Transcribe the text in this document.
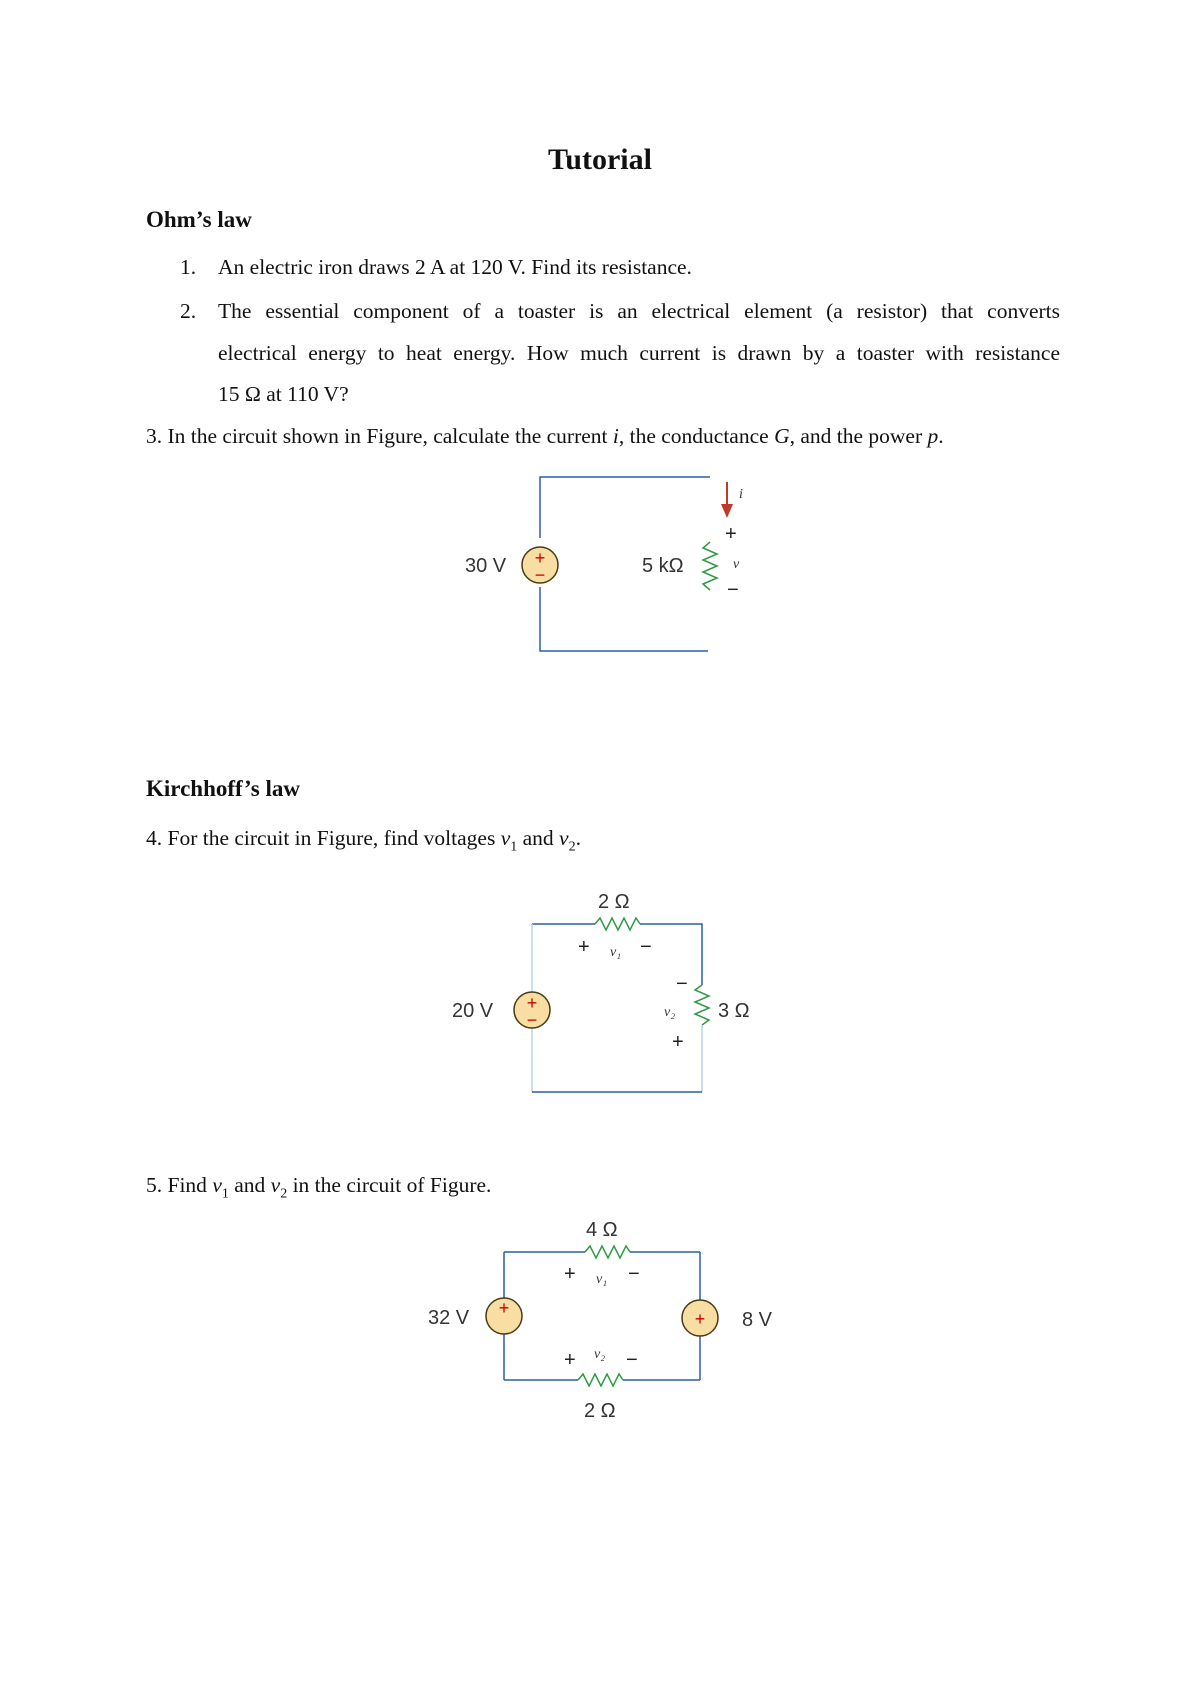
Tutorial
Ohm’s law
1. An electric iron draws 2 A at 120 V. Find its resistance.
2. The essential component of a toaster is an electrical element (a resistor) that converts
electrical energy to heat energy. How much current is drawn by a toaster with resistance
15 Ω at 110 V?
3. In the circuit shown in Figure, calculate the current i, the conductance G, and the power p.
+
−
30 V	5 kΩ
i
+
v
−
+
−
20 V
2 Ω
+ v₁ −
−
v₂
+
3 Ω
+
+
32 V	8 V
4 Ω
+ v₁ −
+ v₂ −
2 Ω
Kirchhoff’s law
4. For the circuit in Figure, find voltages $v_1$ and $v_2$.
5. Find $v_1$ and $v_2$ in the circuit of Figure.
